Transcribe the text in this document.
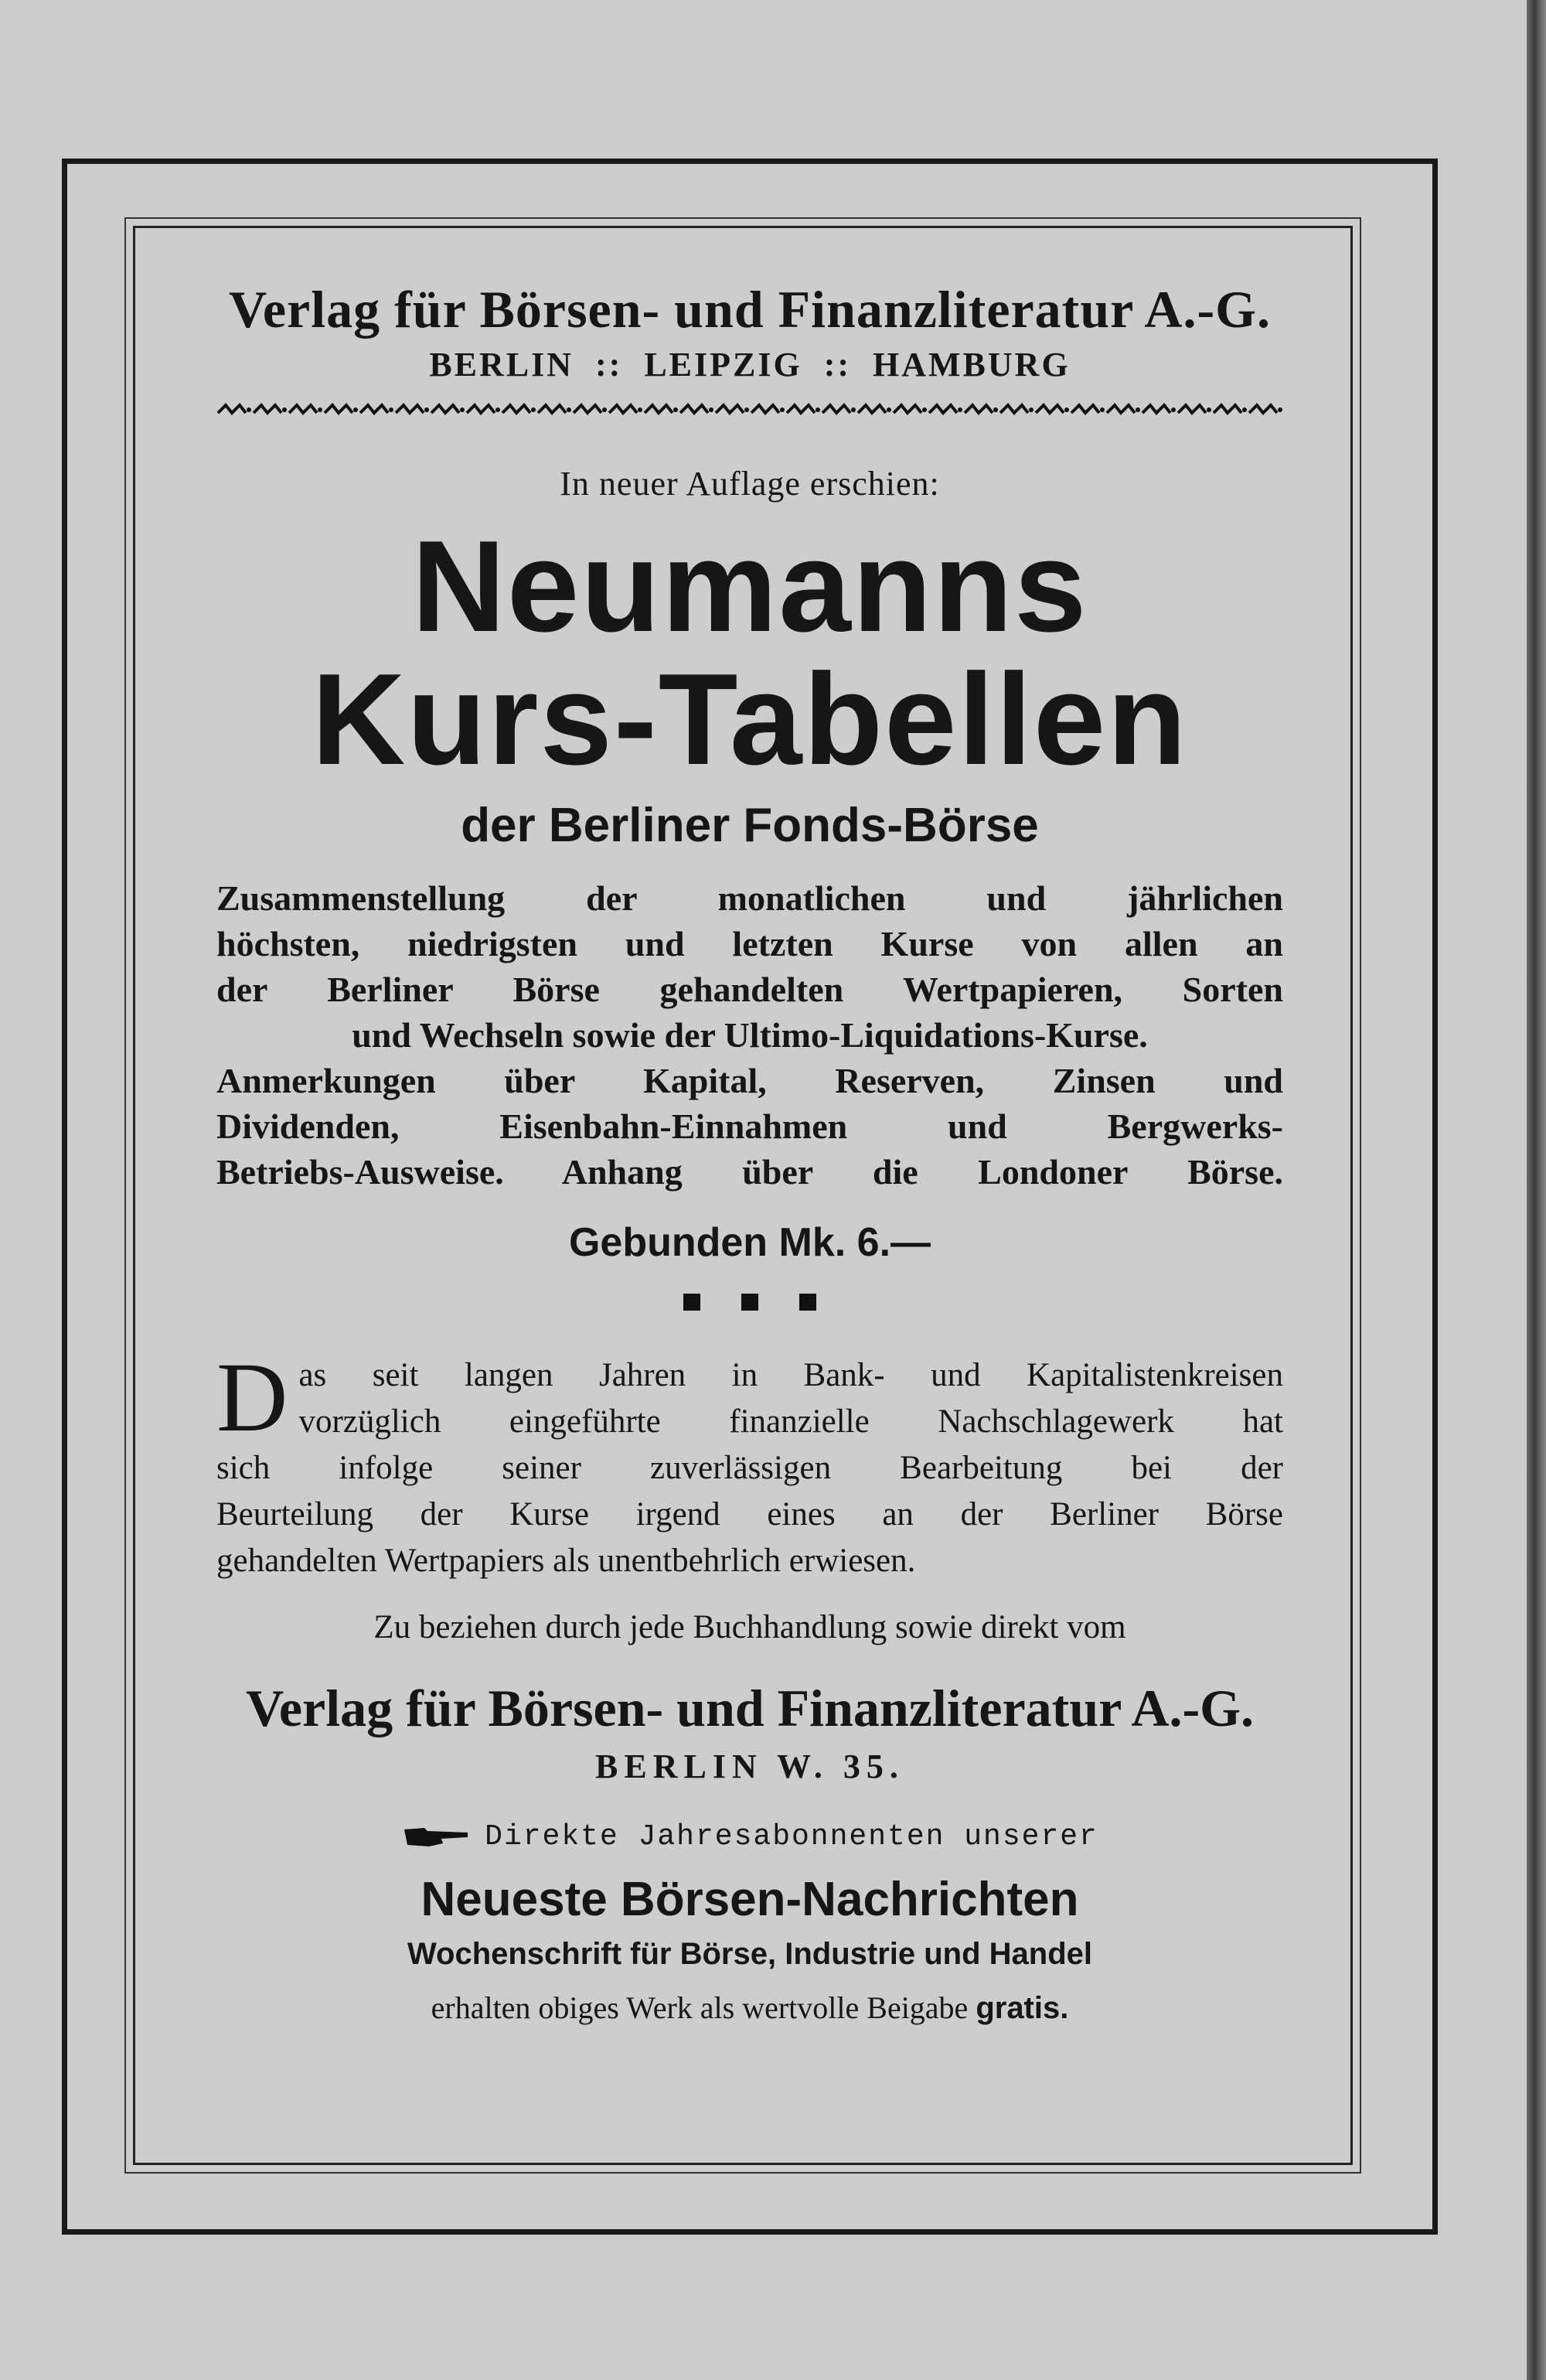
Verlag für Börsen- und Finanzliteratur A.-G.

BERLIN :: LEIPZIG :: HAMBURG

In neuer Auflage erschien:

Neumanns

Kurs-Tabellen

der Berliner Fonds-Börse

Zusammenstellung der monatlichen und jährlichen
höchsten, niedrigsten und letzten Kurse von allen an
der Berliner Börse gehandelten Wertpapieren, Sorten
und Wechseln sowie der Ultimo-Liquidations-Kurse.
Anmerkungen über Kapital, Reserven, Zinsen und
Dividenden, Eisenbahn-Einnahmen und Bergwerks-
Betriebs-Ausweise. Anhang über die Londoner Börse.

Gebunden Mk. 6.—

D as seit langen Jahren in Bank- und Kapitalistenkreisen
vorzüglich eingeführte finanzielle Nachschlagewerk hat
sich infolge seiner zuverlässigen Bearbeitung bei der
Beurteilung der Kurse irgend eines an der Berliner Börse
gehandelten Wertpapiers als unentbehrlich erwiesen.

Zu beziehen durch jede Buchhandlung sowie direkt vom

Verlag für Börsen- und Finanzliteratur A.-G.

BERLIN W. 35.

Direkte Jahresabonnenten unserer

Neueste Börsen-Nachrichten

Wochenschrift für Börse, Industrie und Handel

erhalten obiges Werk als wertvolle Beigabe gratis.
